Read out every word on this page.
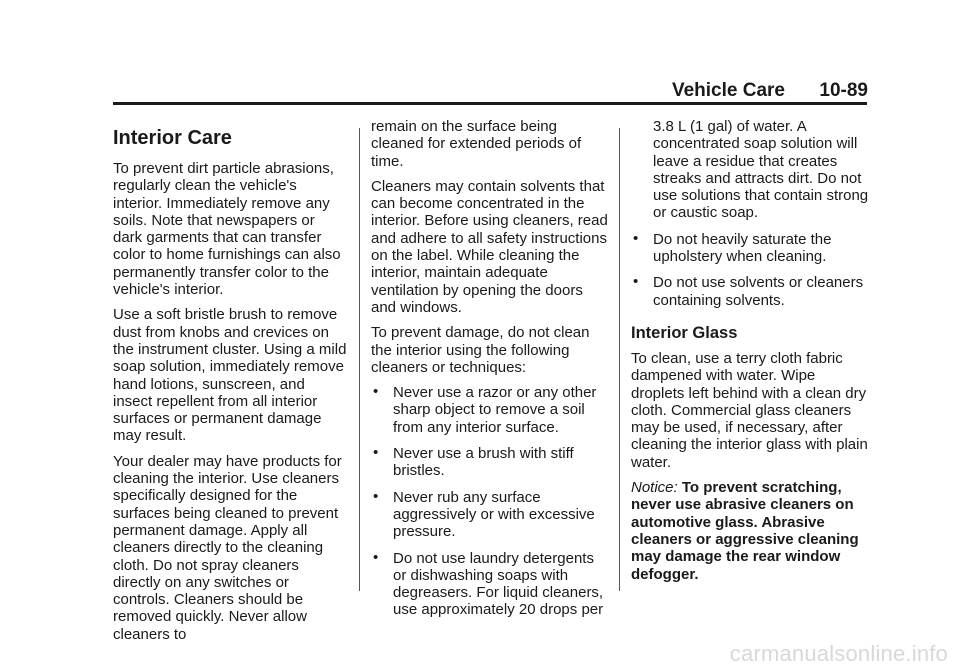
Vehicle Care 10-89
Interior Care

To prevent dirt particle abrasions, regularly clean the vehicle's interior. Immediately remove any soils. Note that newspapers or dark garments that can transfer color to home furnishings can also permanently transfer color to the vehicle's interior.

Use a soft bristle brush to remove dust from knobs and crevices on the instrument cluster. Using a mild soap solution, immediately remove hand lotions, sunscreen, and insect repellent from all interior surfaces or permanent damage may result.

Your dealer may have products for cleaning the interior. Use cleaners specifically designed for the surfaces being cleaned to prevent permanent damage. Apply all cleaners directly to the cleaning cloth. Do not spray cleaners directly on any switches or controls. Cleaners should be removed quickly. Never allow cleaners to

remain on the surface being cleaned for extended periods of time.

Cleaners may contain solvents that can become concentrated in the interior. Before using cleaners, read and adhere to all safety instructions on the label. While cleaning the interior, maintain adequate ventilation by opening the doors and windows.

To prevent damage, do not clean the interior using the following cleaners or techniques:

• Never use a razor or any other sharp object to remove a soil from any interior surface.
• Never use a brush with stiff bristles.
• Never rub any surface aggressively or with excessive pressure.
• Do not use laundry detergents or dishwashing soaps with degreasers. For liquid cleaners, use approximately 20 drops per

3.8 L (1 gal) of water. A concentrated soap solution will leave a residue that creates streaks and attracts dirt. Do not use solutions that contain strong or caustic soap.

• Do not heavily saturate the upholstery when cleaning.
• Do not use solvents or cleaners containing solvents.
Interior Glass

To clean, use a terry cloth fabric dampened with water. Wipe droplets left behind with a clean dry cloth. Commercial glass cleaners may be used, if necessary, after cleaning the interior glass with plain water.

Notice: To prevent scratching, never use abrasive cleaners on automotive glass. Abrasive cleaners or aggressive cleaning may damage the rear window defogger.

carmanualsonline.info
